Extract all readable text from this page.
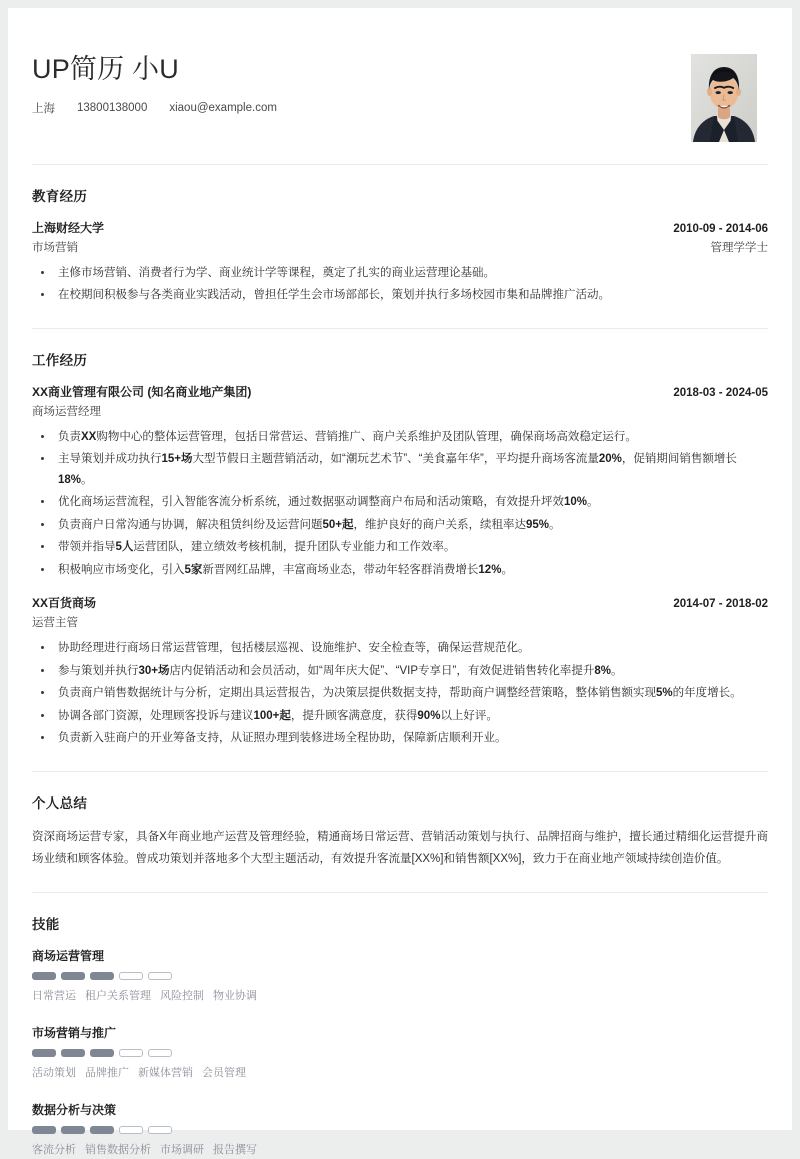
UP简历 小U
上海 13800138000 xiaou@example.com
教育经历
上海财经大学	2010-09 - 2014-06
市场营销	管理学学士
主修市场营销、消费者行为学、商业统计学等课程，奠定了扎实的商业运营理论基础。
在校期间积极参与各类商业实践活动，曾担任学生会市场部部长，策划并执行多场校园市集和品牌推广活动。
工作经历
XX商业管理有限公司 (知名商业地产集团)	2018-03 - 2024-05
商场运营经理
负责XX购物中心的整体运营管理，包括日常营运、营销推广、商户关系维护及团队管理，确保商场高效稳定运行。
主导策划并成功执行15+场大型节假日主题营销活动，如“潮玩艺术节”、“美食嘉年华”，平均提升商场客流量20%，促销期间销售额增长18%。
优化商场运营流程，引入智能客流分析系统，通过数据驱动调整商户布局和活动策略，有效提升坪效10%。
负责商户日常沟通与协调，解决租赁纠纷及运营问题50+起，维护良好的商户关系，续租率达95%。
带领并指导5人运营团队，建立绩效考核机制，提升团队专业能力和工作效率。
积极响应市场变化，引入5家新晋网红品牌，丰富商场业态，带动年轻客群消费增长12%。
XX百货商场	2014-07 - 2018-02
运营主管
协助经理进行商场日常运营管理，包括楼层巡视、设施维护、安全检查等，确保运营规范化。
参与策划并执行30+场店内促销活动和会员活动，如“周年庆大促”、“VIP专享日”，有效促进销售转化率提升8%。
负责商户销售数据统计与分析，定期出具运营报告，为决策层提供数据支持，帮助商户调整经营策略，整体销售额实现5%的年度增长。
协调各部门资源，处理顾客投诉与建议100+起，提升顾客满意度，获得90%以上好评。
负责新入驻商户的开业筹备支持，从证照办理到装修进场全程协助，保障新店顺利开业。
个人总结

资深商场运营专家，具备X年商业地产运营及管理经验，精通商场日常运营、营销活动策划与执行、品牌招商与维护，擅长通过精细化运营提升商场业绩和顾客体验。曾成功策划并落地多个大型主题活动，有效提升客流量[XX%]和销售额[XX%]，致力于在商业地产领域持续创造价值。

技能
商场运营管理
日常营运 租户关系管理 风险控制 物业协调
市场营销与推广
活动策划 品牌推广 新媒体营销 会员管理
数据分析与决策
客流分析 销售数据分析 市场调研 报告撰写
